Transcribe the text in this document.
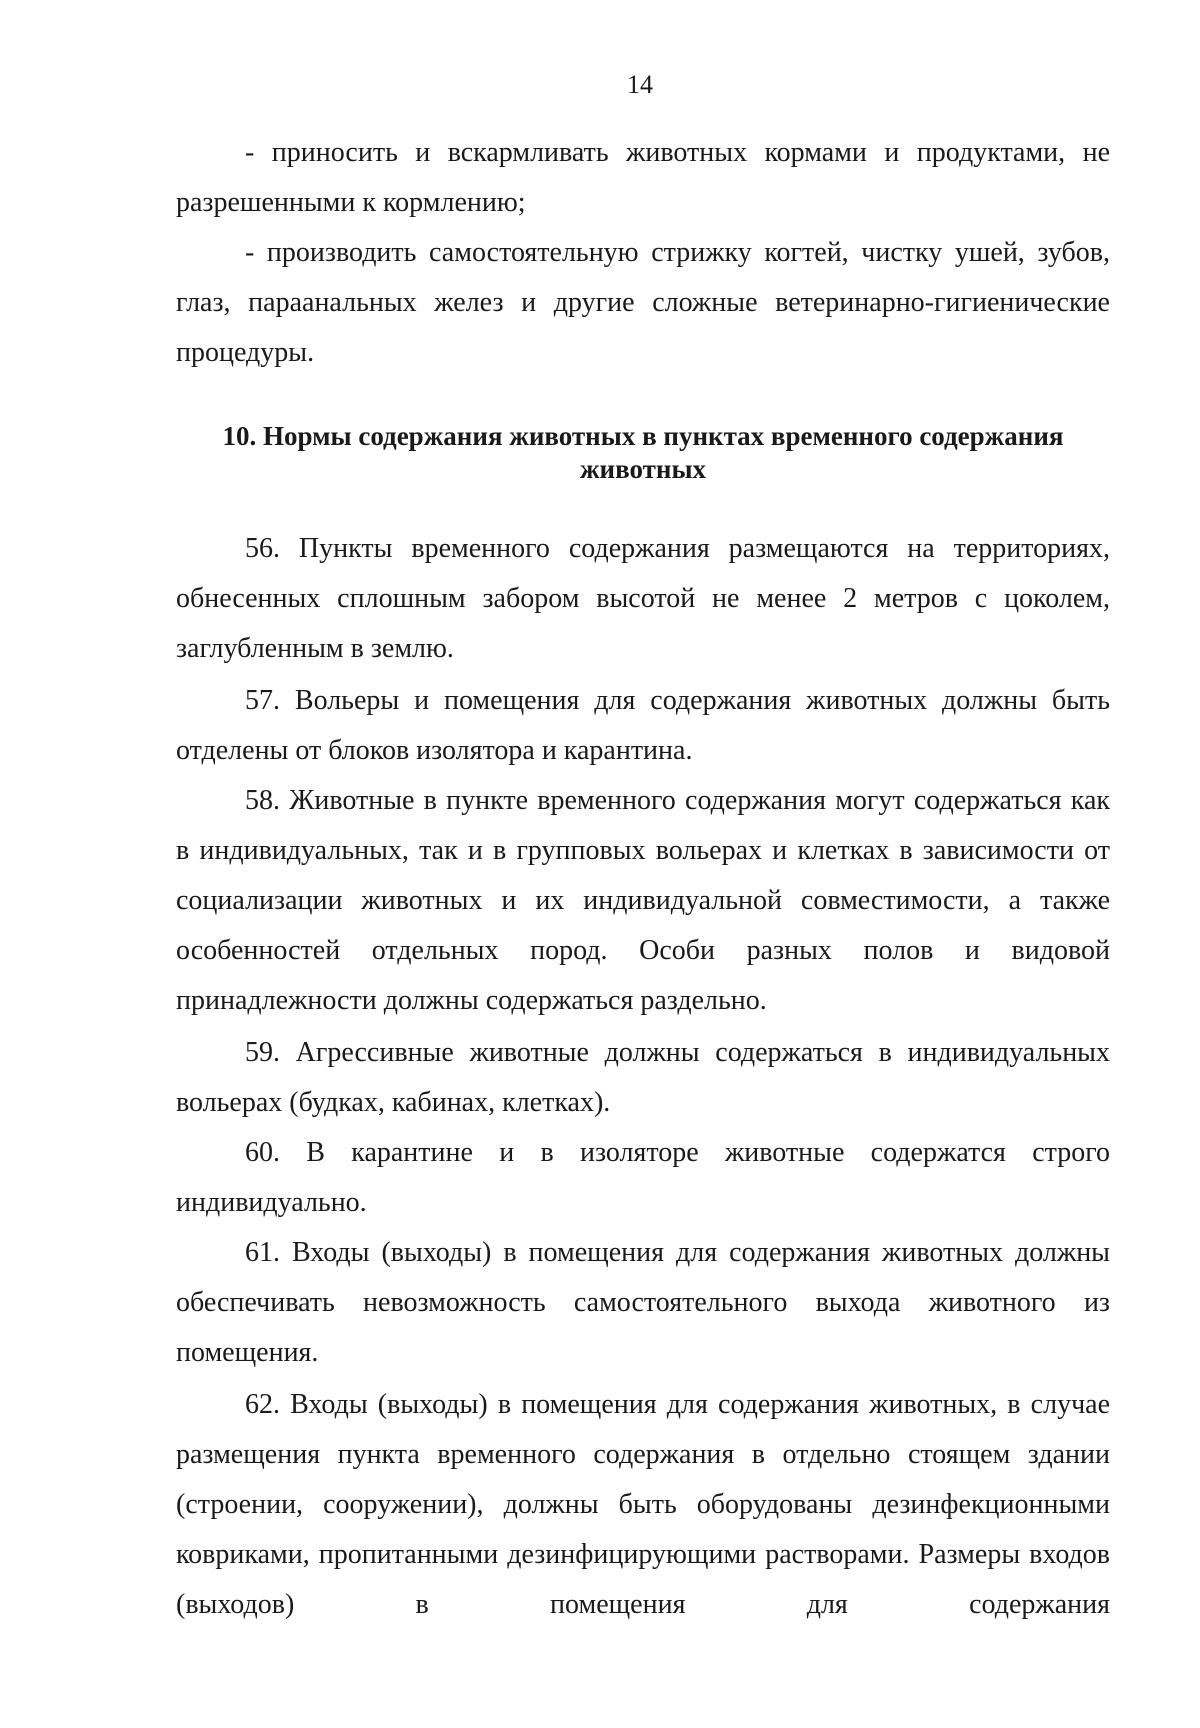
14

- приносить и вскармливать животных кормами и продуктами, не разрешенными к кормлению;

- производить самостоятельную стрижку когтей, чистку ушей, зубов, глаз, параанальных желез и другие сложные ветеринарно-гигиенические процедуры.

10. Нормы содержания животных в пунктах временного содержания
животных

56. Пункты временного содержания размещаются на территориях, обнесенных сплошным забором высотой не менее 2 метров с цоколем, заглубленным в землю.

57. Вольеры и помещения для содержания животных должны быть отделены от блоков изолятора и карантина.

58. Животные в пункте временного содержания могут содержаться как в индивидуальных, так и в групповых вольерах и клетках в зависимости от социализации животных и их индивидуальной совместимости, а также особенностей отдельных пород. Особи разных полов и видовой принадлежности должны содержаться раздельно.

59. Агрессивные животные должны содержаться в индивидуальных вольерах (будках, кабинах, клетках).

60. В карантине и в изоляторе животные содержатся строго индивидуально.

61. Входы (выходы) в помещения для содержания животных должны обеспечивать невозможность самостоятельного выхода животного из помещения.

62. Входы (выходы) в помещения для содержания животных, в случае размещения пункта временного содержания в отдельно стоящем здании (строении, сооружении), должны быть оборудованы дезинфекционными ковриками, пропитанными дезинфицирующими растворами. Размеры входов (выходов) в помещения для содержания
